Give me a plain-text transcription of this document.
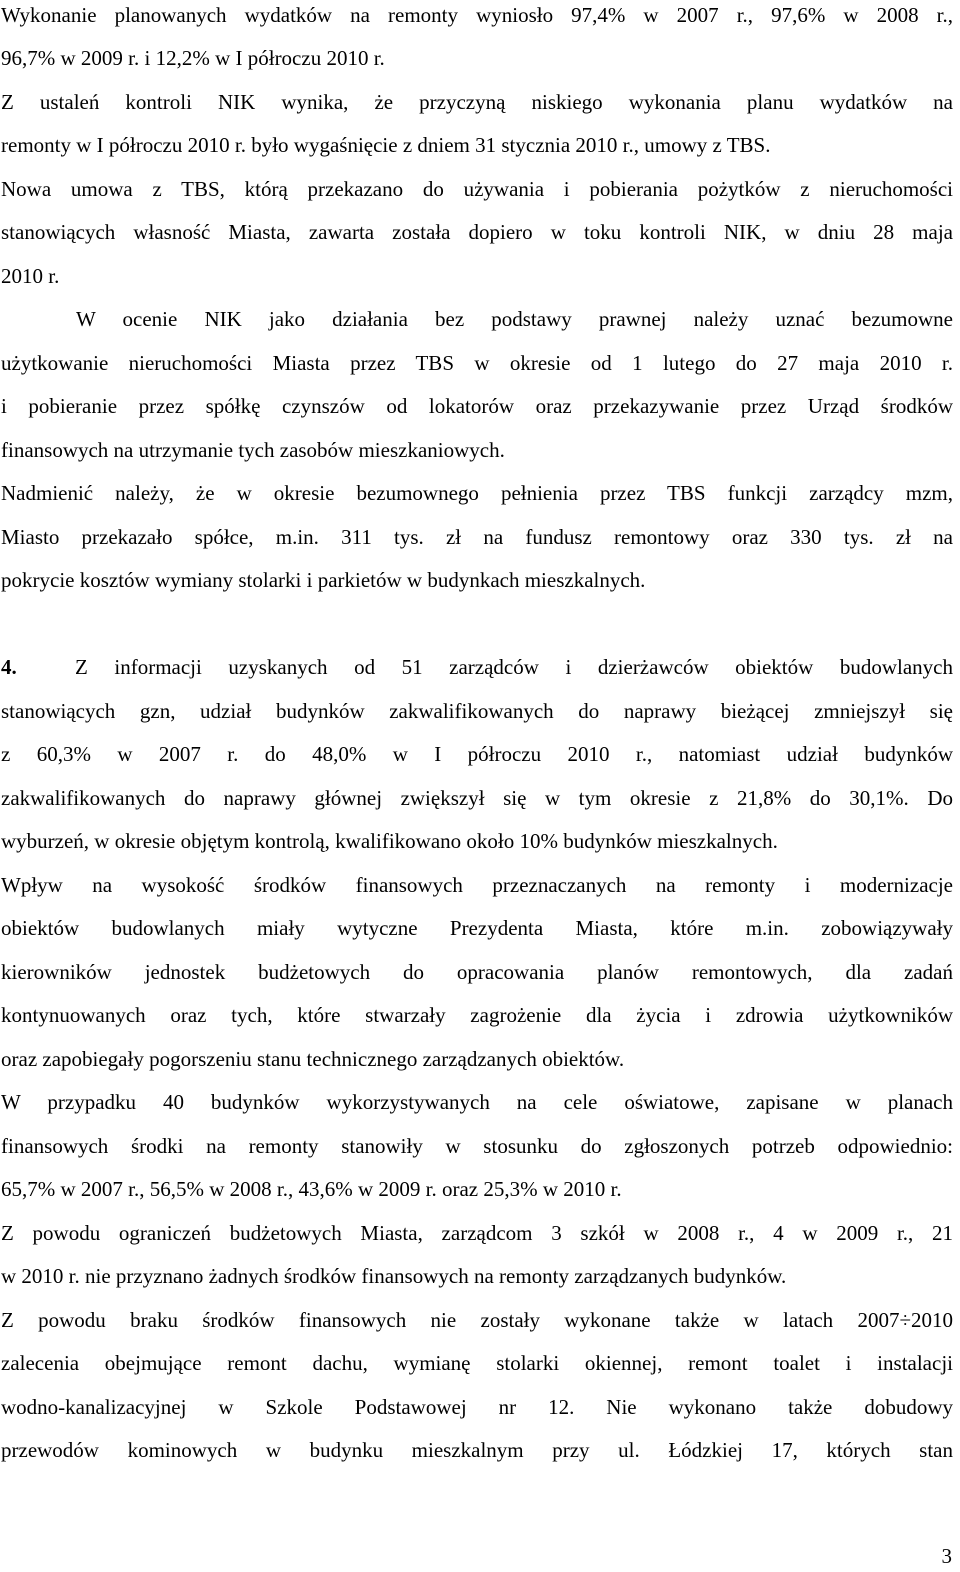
Wykonanie planowanych wydatków na remonty wyniosło 97,4% w 2007 r., 97,6% w 2008 r.,
96,7% w 2009 r. i 12,2% w I półroczu 2010 r.
Z ustaleń kontroli NIK wynika, że przyczyną niskiego wykonania planu wydatków na
remonty w I półroczu 2010 r. było wygaśnięcie z dniem 31 stycznia 2010 r., umowy z TBS.
Nowa umowa z TBS, którą przekazano do używania i pobierania pożytków z nieruchomości
stanowiących własność Miasta, zawarta została dopiero w toku kontroli NIK, w dniu 28 maja
2010 r.
W ocenie NIK jako działania bez podstawy prawnej należy uznać bezumowne
użytkowanie nieruchomości Miasta przez TBS w okresie od 1 lutego do 27 maja 2010 r.
i pobieranie przez spółkę czynszów od lokatorów oraz przekazywanie przez Urząd środków
finansowych na utrzymanie tych zasobów mieszkaniowych.
Nadmienić należy, że w okresie bezumownego pełnienia przez TBS funkcji zarządcy mzm,
Miasto przekazało spółce, m.in. 311 tys. zł na fundusz remontowy oraz 330 tys. zł na
pokrycie kosztów wymiany stolarki i parkietów w budynkach mieszkalnych.
4.	Z informacji uzyskanych od 51 zarządców i dzierżawców obiektów budowlanych
stanowiących gzn, udział budynków zakwalifikowanych do naprawy bieżącej zmniejszył się
z 60,3% w 2007 r. do 48,0% w I półroczu 2010 r., natomiast udział budynków
zakwalifikowanych do naprawy głównej zwiększył się w tym okresie z 21,8% do 30,1%. Do
wyburzeń, w okresie objętym kontrolą, kwalifikowano około 10% budynków mieszkalnych.
Wpływ na wysokość środków finansowych przeznaczanych na remonty i modernizacje
obiektów budowlanych miały wytyczne Prezydenta Miasta, które m.in. zobowiązywały
kierowników jednostek budżetowych do opracowania planów remontowych, dla zadań
kontynuowanych oraz tych, które stwarzały zagrożenie dla życia i zdrowia użytkowników
oraz zapobiegały pogorszeniu stanu technicznego zarządzanych obiektów.
W przypadku 40 budynków wykorzystywanych na cele oświatowe, zapisane w planach
finansowych środki na remonty stanowiły w stosunku do zgłoszonych potrzeb odpowiednio:
65,7% w 2007 r., 56,5% w 2008 r., 43,6% w 2009 r. oraz 25,3% w 2010 r.
Z powodu ograniczeń budżetowych Miasta, zarządcom 3 szkół w 2008 r., 4 w 2009 r., 21
w 2010 r. nie przyznano żadnych środków finansowych na remonty zarządzanych budynków.
Z powodu braku środków finansowych nie zostały wykonane także w latach 2007÷2010
zalecenia obejmujące remont dachu, wymianę stolarki okiennej, remont toalet i instalacji
wodno-kanalizacyjnej w Szkole Podstawowej nr 12. Nie wykonano także dobudowy
przewodów kominowych w budynku mieszkalnym przy ul. Łódzkiej 17, których stan
3
